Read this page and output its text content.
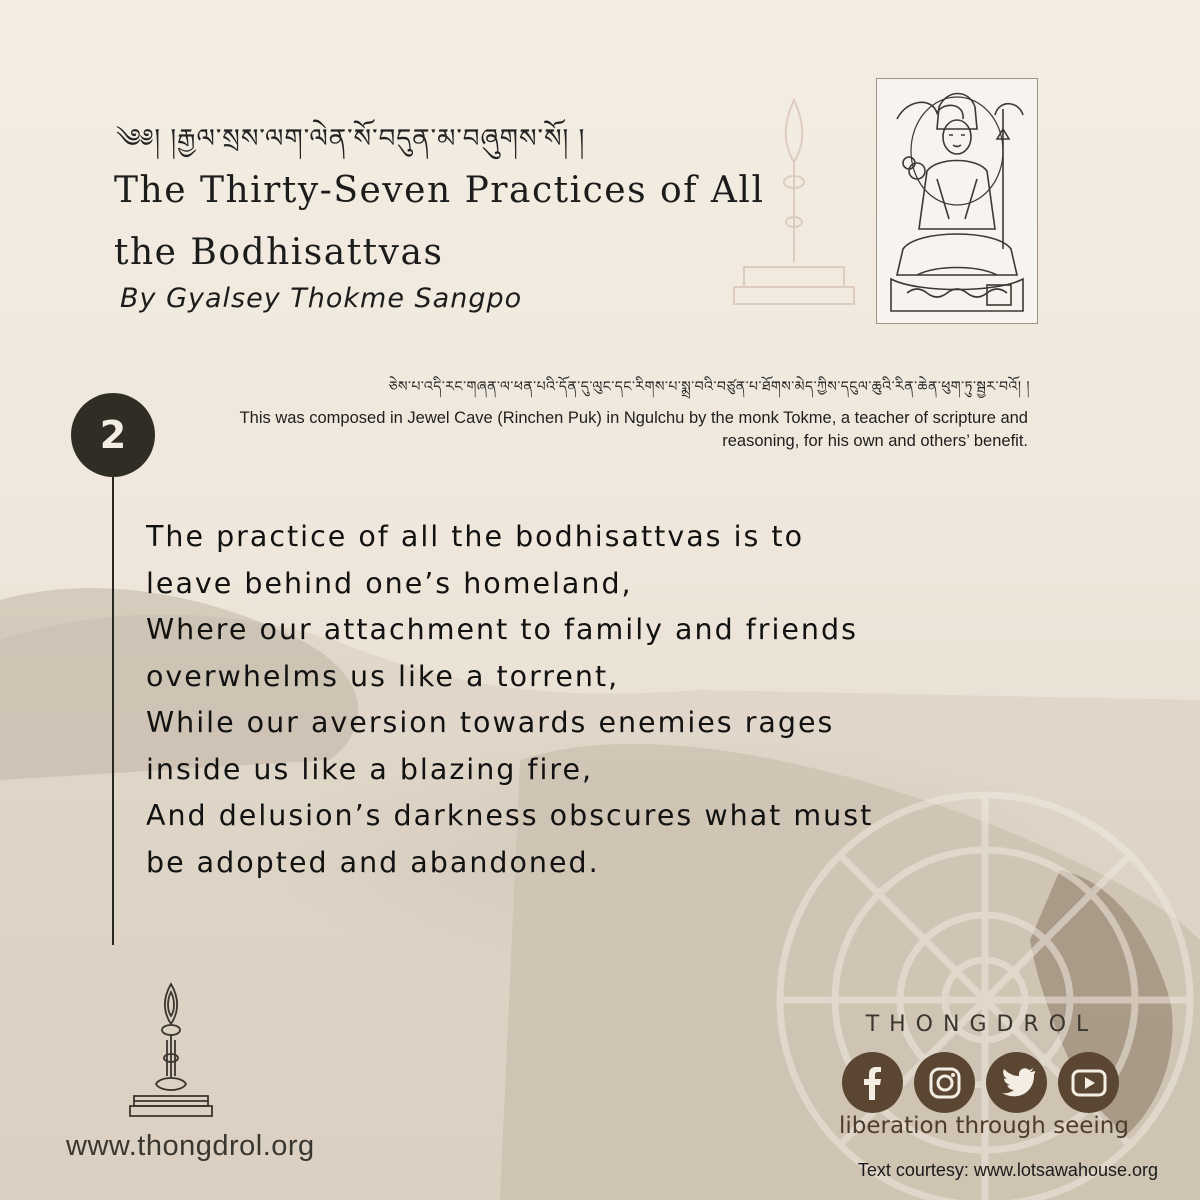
༄༅། །རྒྱལ་སྲས་ལག་ལེན་སོ་བདུན་མ་བཞུགས་སོ། །
The Thirty-Seven Practices of All the Bodhisattvas
By Gyalsey Thokme Sangpo
ཅེས་པ་འདི་རང་གཞན་ལ་ཕན་པའི་དོན་དུ་ལུང་དང་རིགས་པ་སྨྲ་བའི་བཙུན་པ་ཐོགས་མེད་ཀྱིས་དངུལ་ཆུའི་རིན་ཆེན་ཕུག་ཏུ་སྦྱར་བའོ། །
2	This was composed in Jewel Cave (Rinchen Puk) in Ngulchu by the monk Tokme, a teacher of scripture and reasoning, for his own and others’ benefit.
The practice of all the bodhisattvas is to
leave behind one’s homeland,
Where our attachment to family and friends
overwhelms us like a torrent,
While our aversion towards enemies rages
inside us like a blazing fire,
And delusion’s darkness obscures what must
be adopted and abandoned.
www.thongdrol.org
THONGDROL
liberation through seeing
Text courtesy: www.lotsawahouse.org
